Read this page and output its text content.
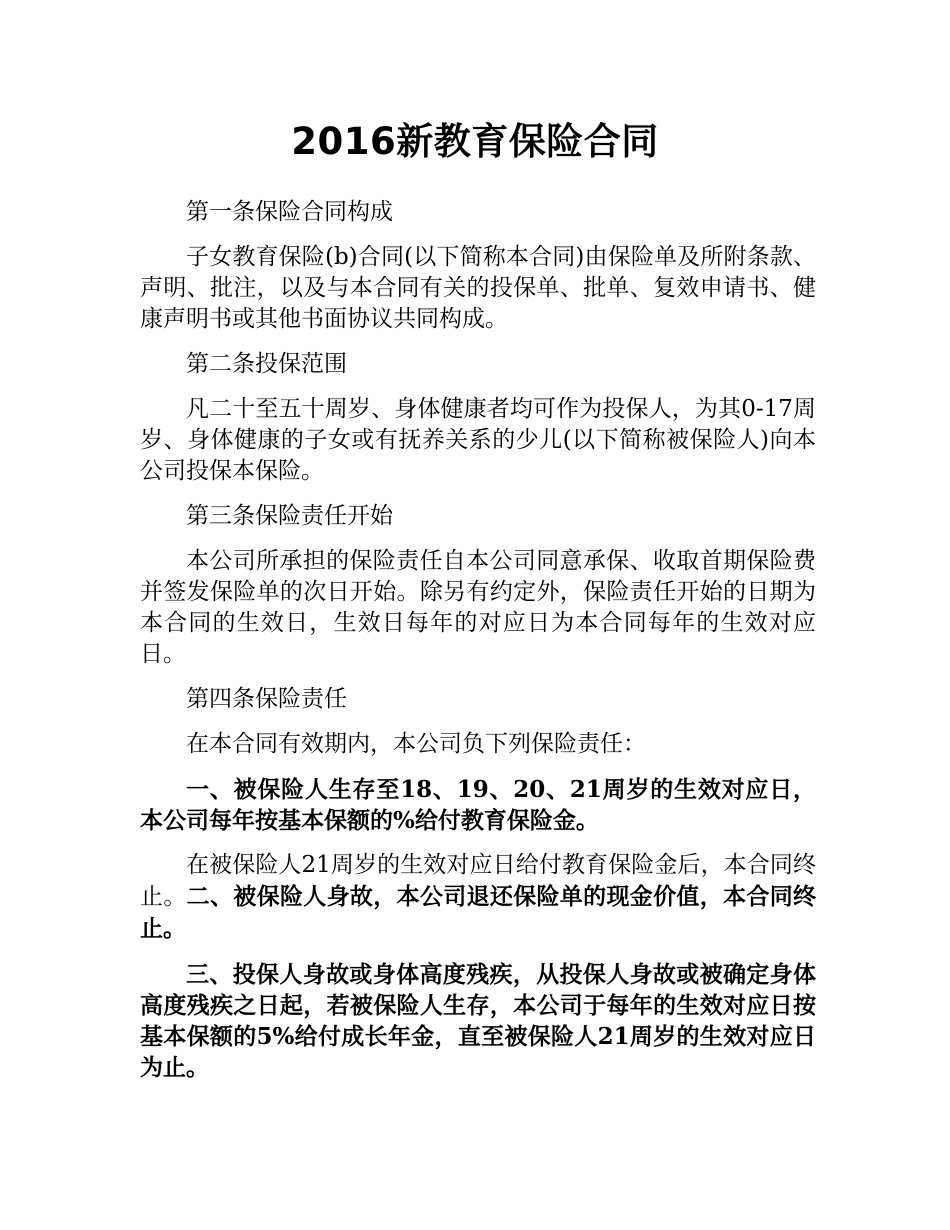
2016新教育保险合同

第一条保险合同构成

子女教育保险(b)合同(以下简称本合同)由保险单及所附条款、声明、批注，以及与本合同有关的投保单、批单、复效申请书、健康声明书或其他书面协议共同构成。

第二条投保范围

凡二十至五十周岁、身体健康者均可作为投保人，为其0-17周岁、身体健康的子女或有抚养关系的少儿(以下简称被保险人)向本公司投保本保险。

第三条保险责任开始

本公司所承担的保险责任自本公司同意承保、收取首期保险费并签发保险单的次日开始。除另有约定外，保险责任开始的日期为本合同的生效日，生效日每年的对应日为本合同每年的生效对应日。

第四条保险责任

在本合同有效期内，本公司负下列保险责任：

一、被保险人生存至18、19、20、21周岁的生效对应日，本公司每年按基本保额的%给付教育保险金。

在被保险人21周岁的生效对应日给付教育保险金后，本合同终止。二、被保险人身故，本公司退还保险单的现金价值，本合同终止。

三、投保人身故或身体高度残疾，从投保人身故或被确定身体高度残疾之日起，若被保险人生存，本公司于每年的生效对应日按基本保额的5%给付成长年金，直至被保险人21周岁的生效对应日为止。
